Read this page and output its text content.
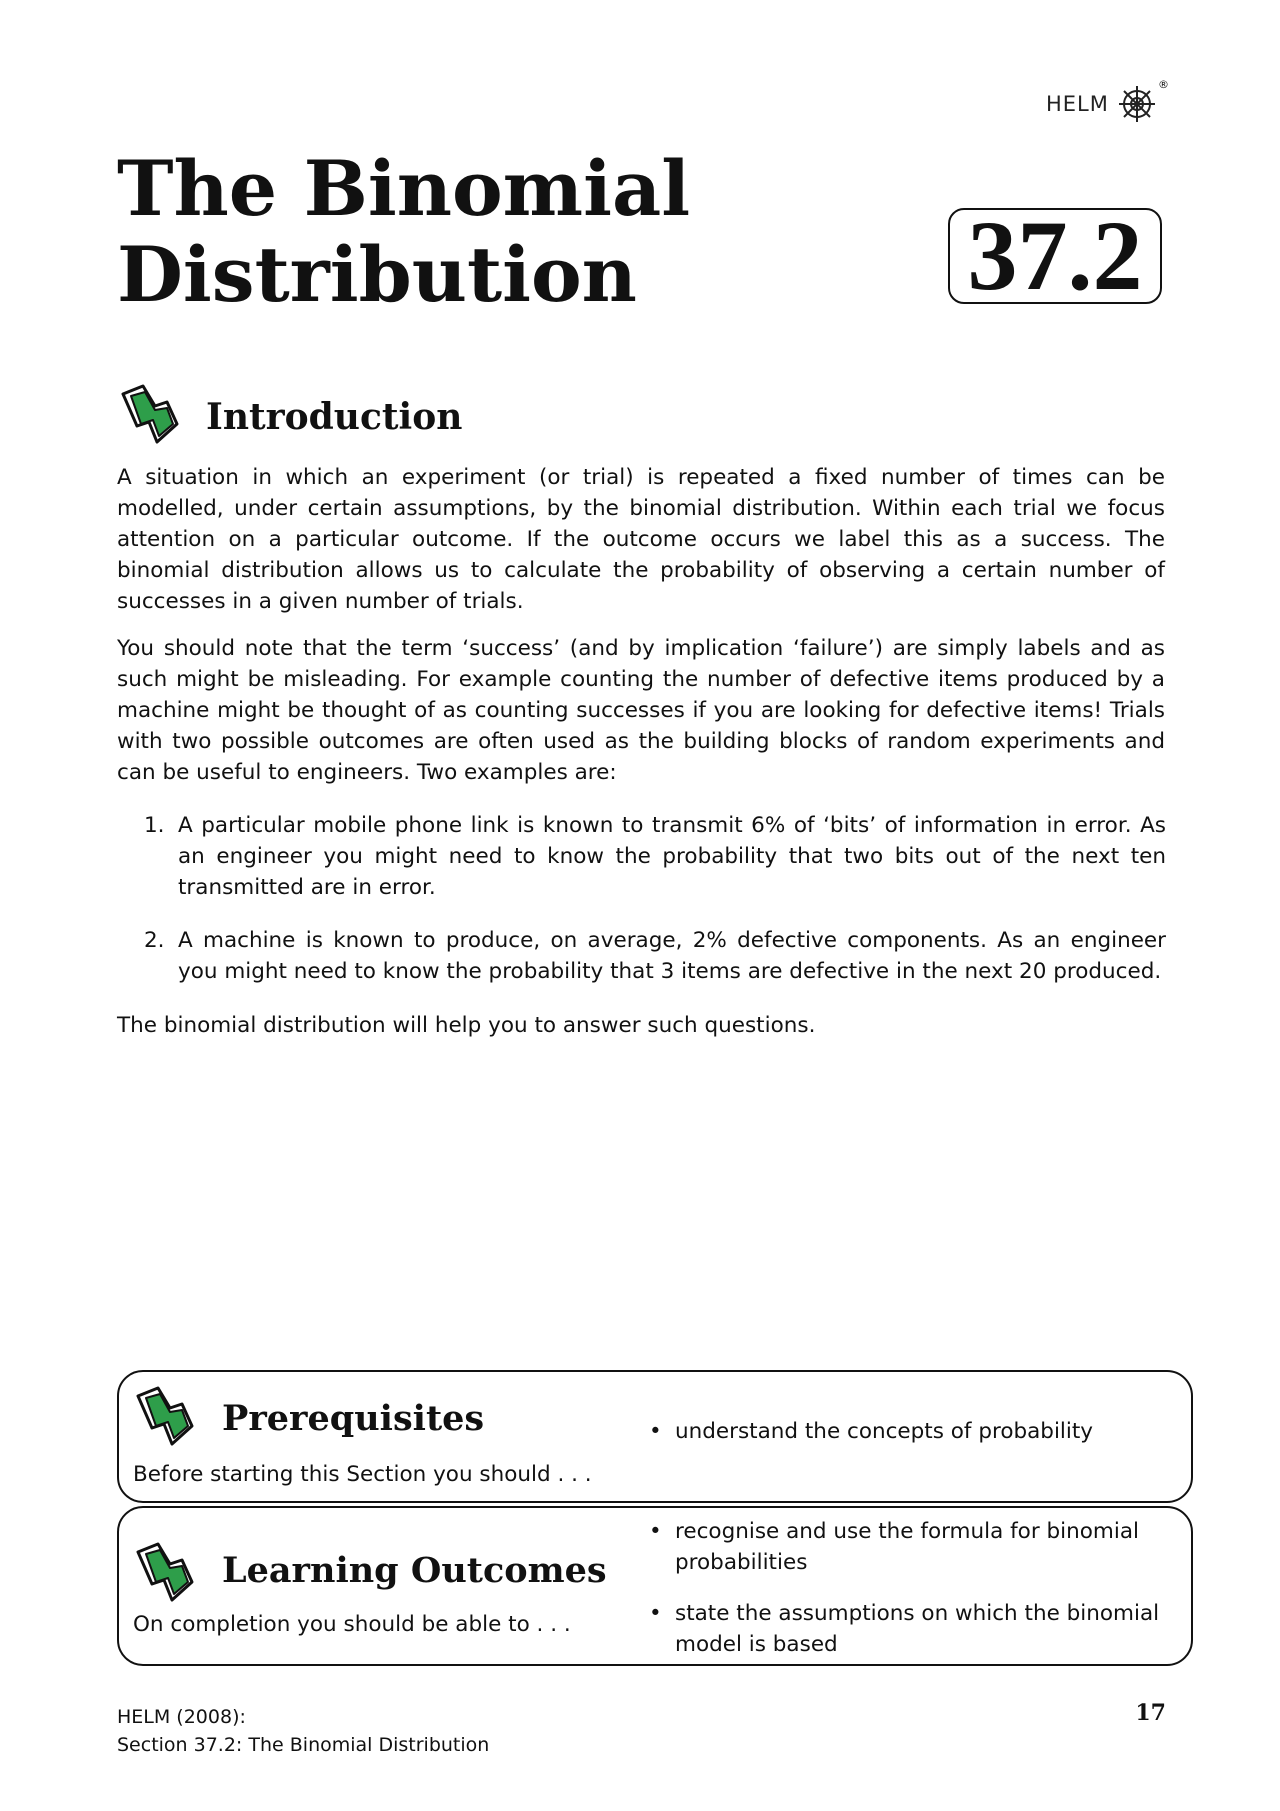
HELM
®
The Binomial
Distribution	37.2
Introduction
A situation in which an experiment (or trial) is repeated a fixed number of times can be modelled, under certain assumptions, by the binomial distribution. Within each trial we focus attention on a particular outcome. If the outcome occurs we label this as a success. The binomial distribution allows us to calculate the probability of observing a certain number of successes in a given number of trials.
You should note that the term ‘success’ (and by implication ‘failure’) are simply labels and as such might be misleading. For example counting the number of defective items produced by a machine might be thought of as counting successes if you are looking for defective items! Trials with two possible outcomes are often used as the building blocks of random experiments and can be useful to engineers. Two examples are:
1. A particular mobile phone link is known to transmit 6% of ‘bits’ of information in error. As an engineer you might need to know the probability that two bits out of the next ten transmitted are in error.
2. A machine is known to produce, on average, 2% defective components. As an engineer you might need to know the probability that 3 items are defective in the next 20 produced.
The binomial distribution will help you to answer such questions.
Prerequisites
Before starting this Section you should . . .
• understand the concepts of probability
Learning Outcomes
On completion you should be able to . . .
• recognise and use the formula for binomial probabilities
• state the assumptions on which the binomial model is based
HELM (2008):
Section 37.2: The Binomial Distribution
17
